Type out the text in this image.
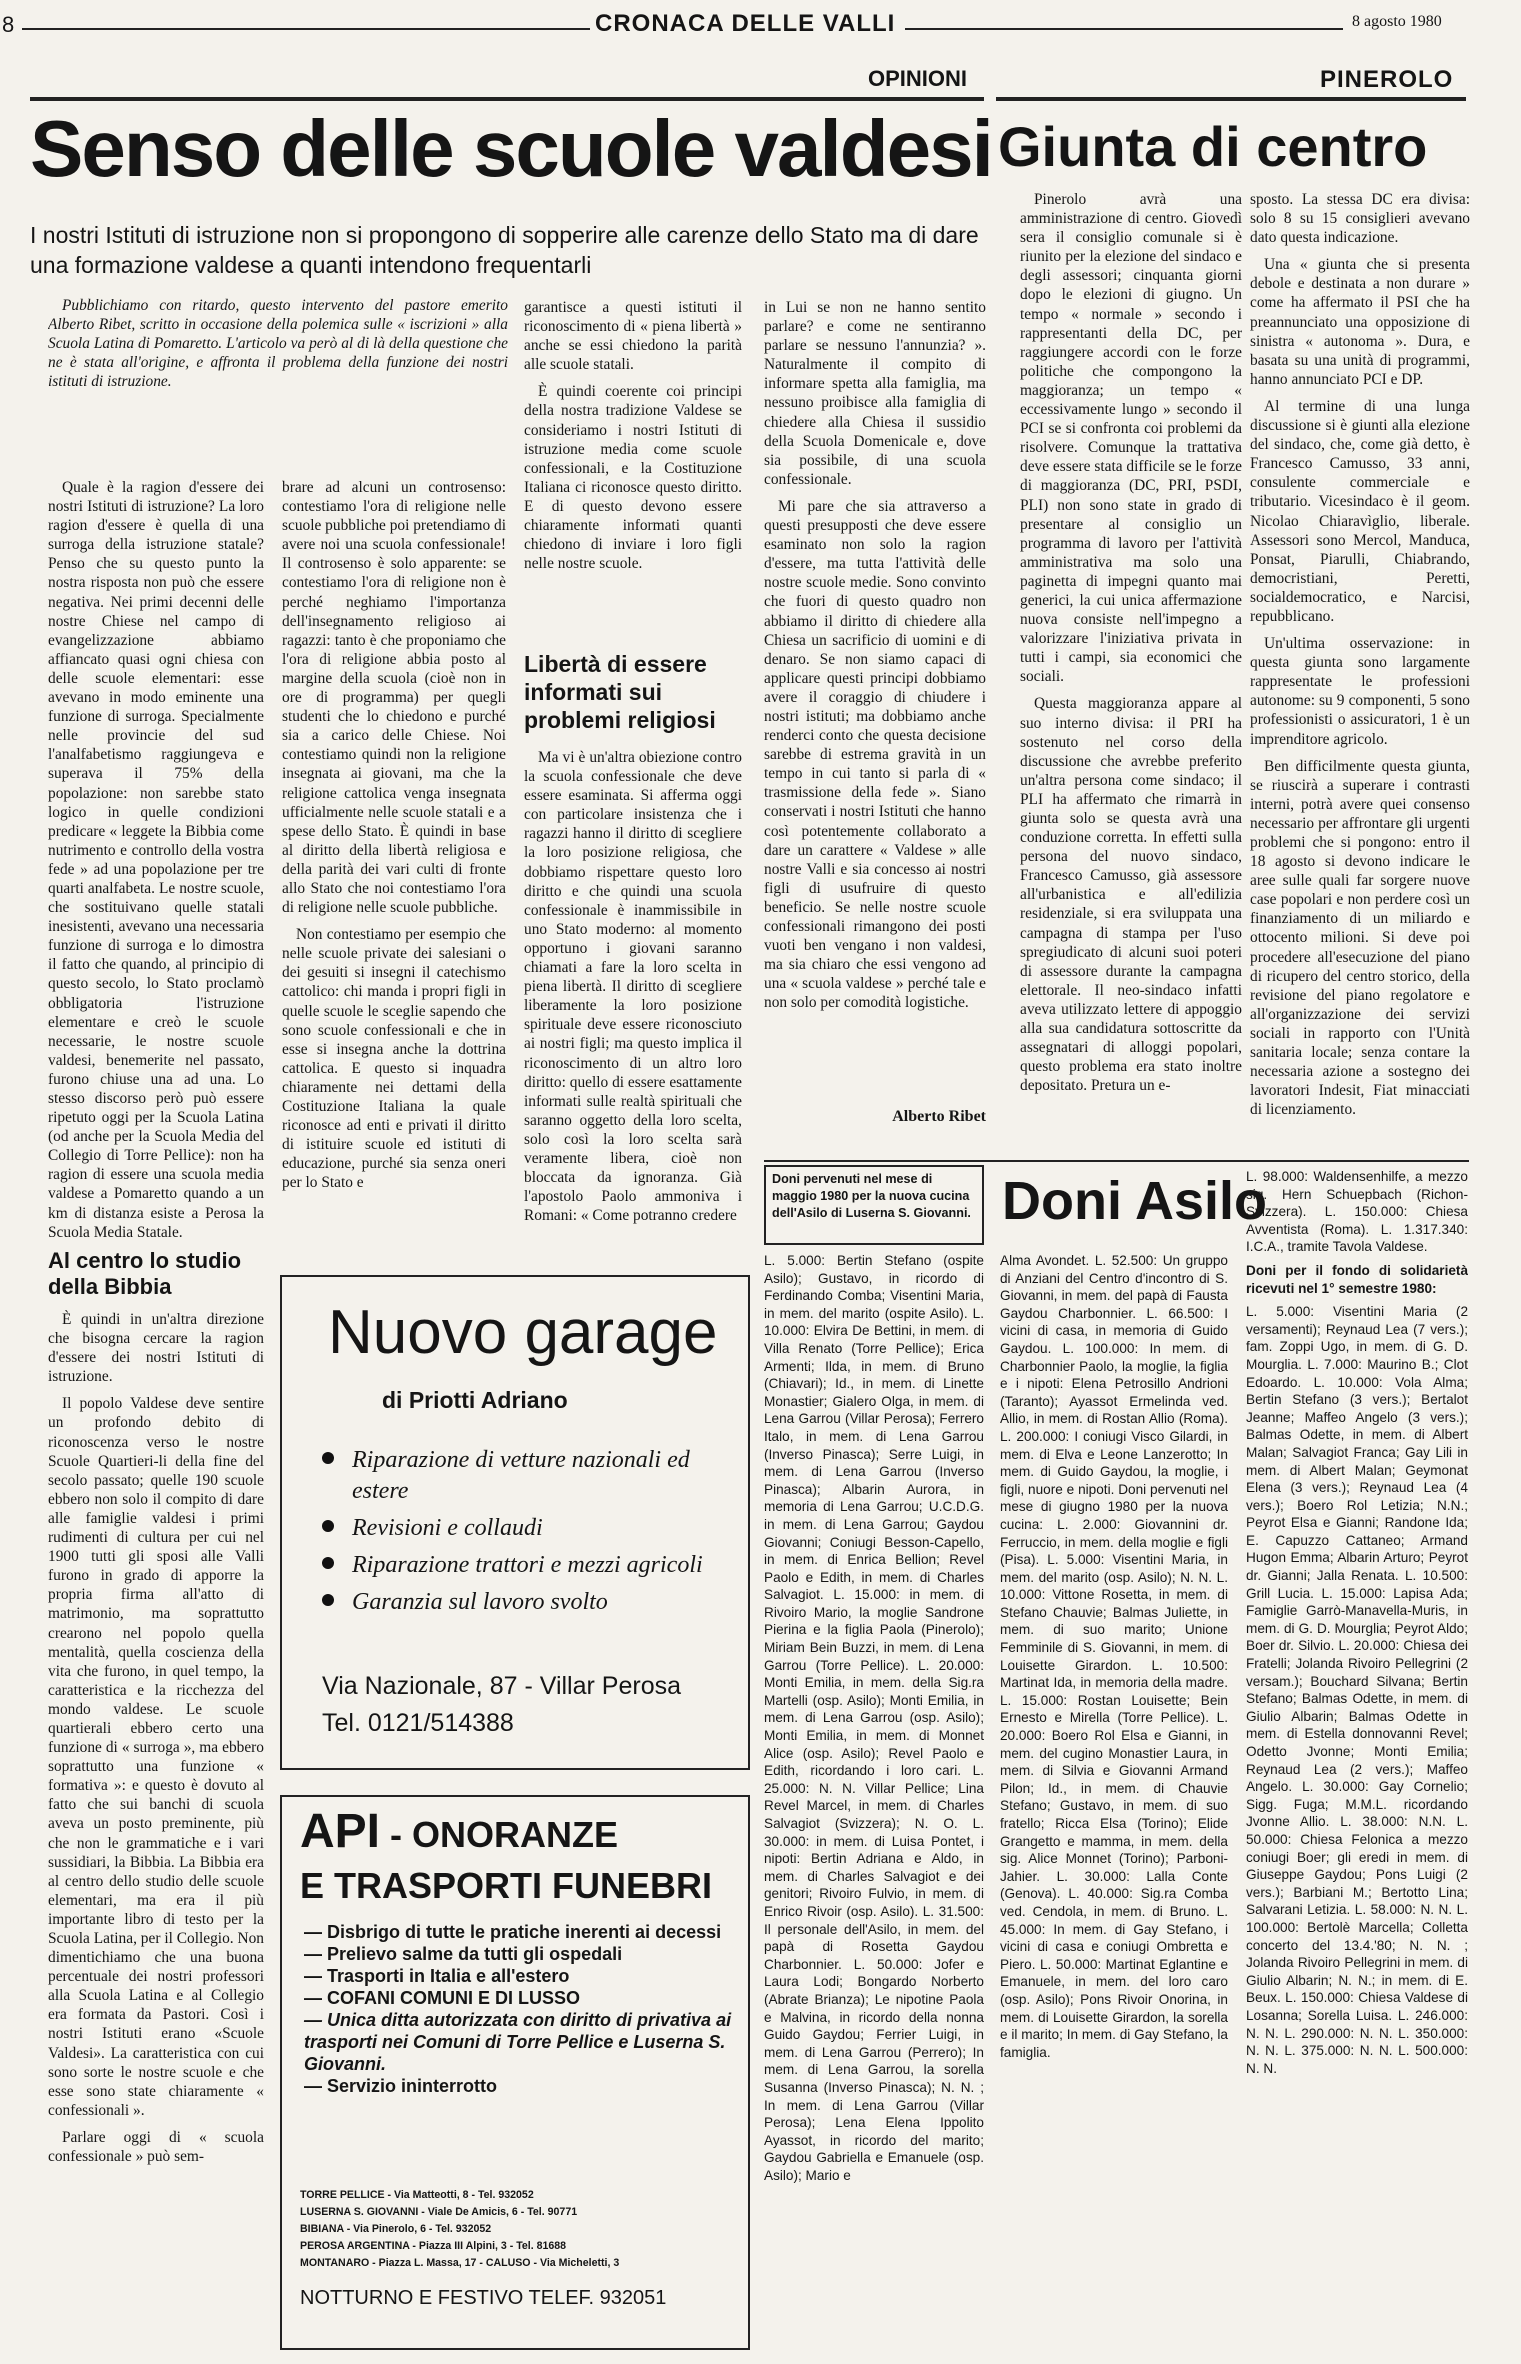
8	CRONACA DELLE VALLI	8 agosto 1980
OPINIONI	PINEROLO
Senso delle scuole valdesi
I nostri Istituti di istruzione non si propongono di sopperire alle carenze dello Stato ma di dare una formazione valdese a quanti intendono frequentarli
Giunta di centro
Pubblichiamo con ritardo, questo intervento del pastore emerito Alberto Ribet, scritto in occasione della polemica sulle « iscrizioni » alla Scuola Latina di Pomaretto. L'articolo va però al di là della questione che ne è stata all'origine, e affronta il problema della funzione dei nostri istituti di istruzione.

Quale è la ragion d'essere dei nostri Istituti di istruzione? La loro ragion d'essere è quella di una surroga della istruzione statale? Penso che su questo punto la nostra risposta non può che essere negativa. Nei primi decenni delle nostre Chiese nel campo di evangelizzazione abbiamo affiancato quasi ogni chiesa con delle scuole elementari: esse avevano in modo eminente una funzione di surroga. Specialmente nelle provincie del sud l'analfabetismo raggiungeva e superava il 75% della popolazione: non sarebbe stato logico in quelle condizioni predicare « leggete la Bibbia come nutrimento e controllo della vostra fede » ad una popolazione per tre quarti analfabeta. Le nostre scuole, che sostituivano quelle statali inesistenti, avevano una necessaria funzione di surroga e lo dimostra il fatto che quando, al principio di questo secolo, lo Stato proclamò obbligatoria l'istruzione elementare e creò le scuole necessarie, le nostre scuole valdesi, benemerite nel passato, furono chiuse una ad una. Lo stesso discorso però può essere ripetuto oggi per la Scuola Latina (od anche per la Scuola Media del Collegio di Torre Pellice): non ha ragion di essere una scuola media valdese a Pomaretto quando a un km di distanza esiste a Perosa la Scuola Media Statale.

Al centro lo studio della Bibbia

È quindi in un'altra direzione che bisogna cercare la ragion d'essere dei nostri Istituti di istruzione.

Il popolo Valdese deve sentire un profondo debito di riconoscenza verso le nostre Scuole Quartieri-li della fine del secolo passato; quelle 190 scuole ebbero non solo il compito di dare alle famiglie valdesi i primi rudimenti di cultura per cui nel 1900 tutti gli sposi alle Valli furono in grado di apporre la propria firma all'atto di matrimonio, ma soprattutto crearono nel popolo quella mentalità, quella coscienza della vita che furono, in quel tempo, la caratteristica e la ricchezza del mondo valdese. Le scuole quartierali ebbero certo una funzione di « surroga », ma ebbero soprattutto una funzione « formativa »: e questo è dovuto al fatto che sui banchi di scuola aveva un posto preminente, più che non le grammatiche e i vari sussidiari, la Bibbia. La Bibbia era al centro dello studio delle scuole elementari, ma era il più importante libro di testo per la Scuola Latina, per il Collegio. Non dimentichiamo che una buona percentuale dei nostri professori alla Scuola Latina e al Collegio era formata da Pastori. Così i nostri Istituti erano «Scuole Valdesi». La caratteristica con cui sono sorte le nostre scuole e che esse sono state chiaramente « confessionali ».

Parlare oggi di « scuola confessionale » può sem-

brare ad alcuni un controsenso: contestiamo l'ora di religione nelle scuole pubbliche poi pretendiamo di avere noi una scuola confessionale! Il controsenso è solo apparente: se contestiamo l'ora di religione non è perché neghiamo l'importanza dell'insegnamento religioso ai ragazzi: tanto è che proponiamo che l'ora di religione abbia posto al margine della scuola (cioè non in ore di programma) per quegli studenti che lo chiedono e purché sia a carico delle Chiese. Noi contestiamo quindi non la religione insegnata ai giovani, ma che la religione cattolica venga insegnata ufficialmente nelle scuole statali e a spese dello Stato. È quindi in base al diritto della libertà religiosa e della parità dei vari culti di fronte allo Stato che noi contestiamo l'ora di religione nelle scuole pubbliche.

Non contestiamo per esempio che nelle scuole private dei salesiani o dei gesuiti si insegni il catechismo cattolico: chi manda i propri figli in quelle scuole le sceglie sapendo che sono scuole confessionali e che in esse si insegna anche la dottrina cattolica. E questo si inquadra chiaramente nei dettami della Costituzione Italiana la quale riconosce ad enti e privati il diritto di istituire scuole ed istituti di educazione, purché sia senza oneri per lo Stato e

garantisce a questi istituti il riconoscimento di « piena libertà » anche se essi chiedono la parità alle scuole statali.

È quindi coerente coi principi della nostra tradizione Valdese se consideriamo i nostri Istituti di istruzione media come scuole confessionali, e la Costituzione Italiana ci riconosce questo diritto. E di questo devono essere chiaramente informati quanti chiedono di inviare i loro figli nelle nostre scuole.

Libertà di essere informati sui problemi religiosi

Ma vi è un'altra obiezione contro la scuola confessionale che deve essere esaminata. Si afferma oggi con particolare insistenza che i ragazzi hanno il diritto di scegliere la loro posizione religiosa, che dobbiamo rispettare questo loro diritto e che quindi una scuola confessionale è inammissibile in uno Stato moderno: al momento opportuno i giovani saranno chiamati a fare la loro scelta in piena libertà. Il diritto di scegliere liberamente la loro posizione spirituale deve essere riconosciuto ai nostri figli; ma questo implica il riconoscimento di un altro loro diritto: quello di essere esattamente informati sulle realtà spirituali che saranno oggetto della loro scelta, solo così la loro scelta sarà veramente libera, cioè non bloccata da ignoranza. Già l'apostolo Paolo ammoniva i Romani: « Come potranno credere

in Lui se non ne hanno sentito parlare? e come ne sentiranno parlare se nessuno l'annunzia? ». Naturalmente il compito di informare spetta alla famiglia, ma nessuno proibisce alla famiglia di chiedere alla Chiesa il sussidio della Scuola Domenicale e, dove sia possibile, di una scuola confessionale.

Mi pare che sia attraverso a questi presupposti che deve essere esaminato non solo la ragion d'essere, ma tutta l'attività delle nostre scuole medie. Sono convinto che fuori di questo quadro non abbiamo il diritto di chiedere alla Chiesa un sacrificio di uomini e di denaro. Se non siamo capaci di applicare questi principi dobbiamo avere il coraggio di chiudere i nostri istituti; ma dobbiamo anche renderci conto che questa decisione sarebbe di estrema gravità in un tempo in cui tanto si parla di « trasmissione della fede ». Siano conservati i nostri Istituti che hanno così potentemente collaborato a dare un carattere « Valdese » alle nostre Valli e sia concesso ai nostri figli di usufruire di questo beneficio. Se nelle nostre scuole confessionali rimangono dei posti vuoti ben vengano i non valdesi, ma sia chiaro che essi vengono ad una « scuola valdese » perché tale e non solo per comodità logistiche.

Alberto Ribet

Pinerolo avrà una amministrazione di centro. Giovedì sera il consiglio comunale si è riunito per la elezione del sindaco e degli assessori; cinquanta giorni dopo le elezioni di giugno. Un tempo « normale » secondo i rappresentanti della DC, per raggiungere accordi con le forze politiche che compongono la maggioranza; un tempo « eccessivamente lungo » secondo il PCI se si confronta coi problemi da risolvere. Comunque la trattativa deve essere stata difficile se le forze di maggioranza (DC, PRI, PSDI, PLI) non sono state in grado di presentare al consiglio un programma di lavoro per l'attività amministrativa ma solo una paginetta di impegni quanto mai generici, la cui unica affermazione nuova consiste nell'impegno a valorizzare l'iniziativa privata in tutti i campi, sia economici che sociali.

Questa maggioranza appare al suo interno divisa: il PRI ha sostenuto nel corso della discussione che avrebbe preferito un'altra persona come sindaco; il PLI ha affermato che rimarrà in giunta solo se questa avrà una conduzione corretta. In effetti sulla persona del nuovo sindaco, Francesco Camusso, già assessore all'urbanistica e all'edilizia residenziale, si era sviluppata una campagna di stampa per l'uso spregiudicato di alcuni suoi poteri di assessore durante la campagna elettorale. Il neo-sindaco infatti aveva utilizzato lettere di appoggio alla sua candidatura sottoscritte da assegnatari di alloggi popolari, questo problema era stato inoltre depositato. Pretura un e-

sposto. La stessa DC era divisa: solo 8 su 15 consiglieri avevano dato questa indicazione.

Una « giunta che si presenta debole e destinata a non durare » come ha affermato il PSI che ha preannunciato una opposizione di sinistra « autonoma ». Dura, e basata su una unità di programmi, hanno annunciato PCI e DP.

Al termine di una lunga discussione si è giunti alla elezione del sindaco, che, come già detto, è Francesco Camusso, 33 anni, consulente commerciale e tributario. Vicesindaco è il geom. Nicolao Chiaravìglio, liberale. Assessori sono Mercol, Manduca, Ponsat, Piarulli, Chiabrando, democristiani, Peretti, socialdemocratico, e Narcisi, repubblicano.

Un'ultima osservazione: in questa giunta sono largamente rappresentate le professioni autonome: su 9 componenti, 5 sono professionisti o assicuratori, 1 è un imprenditore agricolo.

Ben difficilmente questa giunta, se riuscirà a superare i contrasti interni, potrà avere quei consenso necessario per affrontare gli urgenti problemi che si pongono: entro il 18 agosto si devono indicare le aree sulle quali far sorgere nuove case popolari e non perdere così un finanziamento di un miliardo e ottocento milioni. Si deve poi procedere all'esecuzione del piano di ricupero del centro storico, della revisione del piano regolatore e all'organizzazione dei servizi sociali in rapporto con l'Unità sanitaria locale; senza contare la necessaria azione a sostegno dei lavoratori Indesit, Fiat minacciati di licenziamento.

Nuovo garage
di Priotti Adriano
Riparazione di vetture nazionali ed estere
Revisioni e collaudi
Riparazione trattori e mezzi agricoli
Garanzia sul lavoro svolto
Via Nazionale, 87 - Villar Perosa
Tel. 0121/514388
API - ONORANZE
E TRASPORTI FUNEBRI
— Disbrigo di tutte le pratiche inerenti ai decessi
— Prelievo salme da tutti gli ospedali
— Trasporti in Italia e all'estero
— COFANI COMUNI E DI LUSSO
— Unica ditta autorizzata con diritto di privativa ai trasporti nei Comuni di Torre Pellice e Luserna S. Giovanni.
— Servizio ininterrotto
TORRE PELLICE - Via Matteotti, 8 - Tel. 932052
LUSERNA S. GIOVANNI - Viale De Amicis, 6 - Tel. 90771
BIBIANA - Via Pinerolo, 6 - Tel. 932052
PEROSA ARGENTINA - Piazza III Alpini, 3 - Tel. 81688
MONTANARO - Piazza L. Massa, 17 - CALUSO - Via Micheletti, 3
NOTTURNO E FESTIVO TELEF. 932051
Doni pervenuti nel mese di maggio 1980 per la nuova cucina dell'Asilo di Luserna S. Giovanni. Doni Asilo

L. 5.000: Bertin Stefano (ospite Asilo); Gustavo, in ricordo di Ferdinando Comba; Visentini Maria, in mem. del marito (ospite Asilo). L. 10.000: Elvira De Bettini, in mem. di Villa Renato (Torre Pellice); Erica Armenti; Ilda, in mem. di Bruno (Chiavari); Id., in mem. di Linette Monastier; Gialero Olga, in mem. di Lena Garrou (Villar Perosa); Ferrero Italo, in mem. di Lena Garrou (Inverso Pinasca); Serre Luigi, in mem. di Lena Garrou (Inverso Pinasca); Albarin Aurora, in memoria di Lena Garrou; U.C.D.G. in mem. di Lena Garrou; Gaydou Giovanni; Coniugi Besson-Capello, in mem. di Enrica Bellion; Revel Paolo e Edith, in mem. di Charles Salvagiot. L. 15.000: in mem. di Rivoiro Mario, la moglie Sandrone Pierina e la figlia Paola (Pinerolo); Miriam Bein Buzzi, in mem. di Lena Garrou (Torre Pellice). L. 20.000: Monti Emilia, in mem. della Sig.ra Martelli (osp. Asilo); Monti Emilia, in mem. di Lena Garrou (osp. Asilo); Monti Emilia, in mem. di Monnet Alice (osp. Asilo); Revel Paolo e Edith, ricordando i loro cari. L. 25.000: N. N. Villar Pellice; Lina Revel Marcel, in mem. di Charles Salvagiot (Svizzera); N. O. L. 30.000: in mem. di Luisa Pontet, i nipoti: Bertin Adriana e Aldo, in mem. di Charles Salvagiot e dei genitori; Rivoiro Fulvio, in mem. di Enrico Rivoir (osp. Asilo). L. 31.500: Il personale dell'Asilo, in mem. del papà di Rosetta Gaydou Charbonnier. L. 50.000: Jofer e Laura Lodi; Bongardo Norberto (Abrate Brianza); Le nipotine Paola e Malvina, in ricordo della nonna Guido Gaydou; Ferrier Luigi, in mem. di Lena Garrou (Perrero); In mem. di Lena Garrou, la sorella Susanna (Inverso Pinasca); N. N. ; In mem. di Lena Garrou (Villar Perosa); Lena Elena Ippolito Ayassot, in ricordo del marito; Gaydou Gabriella e Emanuele (osp. Asilo); Mario e

Alma Avondet. L. 52.500: Un gruppo di Anziani del Centro d'incontro di S. Giovanni, in mem. del papà di Fausta Gaydou Charbonnier. L. 66.500: I vicini di casa, in memoria di Guido Gaydou. L. 100.000: In mem. di Charbonnier Paolo, la moglie, la figlia e i nipoti: Elena Petrosillo Andrioni (Taranto); Ayassot Ermelinda ved. Allio, in mem. di Rostan Allio (Roma). L. 200.000: I coniugi Visco Gilardi, in mem. di Elva e Leone Lanzerotto; In mem. di Guido Gaydou, la moglie, i figli, nuore e nipoti. Doni pervenuti nel mese di giugno 1980 per la nuova cucina: L. 2.000: Giovannini dr. Ferruccio, in mem. della moglie e figli (Pisa). L. 5.000: Visentini Maria, in mem. del marito (osp. Asilo); N. N. L. 10.000: Vittone Rosetta, in mem. di Stefano Chauvie; Balmas Juliette, in mem. di suo marito; Unione Femminile di S. Giovanni, in mem. di Louisette Girardon. L. 10.500: Martinat Ida, in memoria della madre. L. 15.000: Rostan Louisette; Bein Ernesto e Mirella (Torre Pellice). L. 20.000: Boero Rol Elsa e Gianni, in mem. del cugino Monastier Laura, in mem. di Silvia e Giovanni Armand Pilon; Id., in mem. di Chauvie Stefano; Gustavo, in mem. di suo fratello; Ricca Elsa (Torino); Elide Grangetto e mamma, in mem. della sig. Alice Monnet (Torino); Parboni-Jahier. L. 30.000: Lalla Conte (Genova). L. 40.000: Sig.ra Comba ved. Cendola, in mem. di Bruno. L. 45.000: In mem. di Gay Stefano, i vicini di casa e coniugi Ombretta e Piero. L. 50.000: Martinat Eglantine e Emanuele, in mem. del loro caro (osp. Asilo); Pons Rivoir Onorina, in mem. di Louisette Girardon, la sorella e il marito; In mem. di Gay Stefano, la famiglia.

L. 98.000: Waldensenhilfe, a mezzo sig. Hern Schuepbach (Richon-Svizzera). L. 150.000: Chiesa Avventista (Roma). L. 1.317.340: I.C.A., tramite Tavola Valdese.

Doni per il fondo di solidarietà ricevuti nel 1° semestre 1980:

L. 5.000: Visentini Maria (2 versamenti); Reynaud Lea (7 vers.); fam. Zoppi Ugo, in mem. di G. D. Mourglia. L. 7.000: Maurino B.; Clot Edoardo. L. 10.000: Vola Alma; Bertin Stefano (3 vers.); Bertalot Jeanne; Maffeo Angelo (3 vers.); Balmas Odette, in mem. di Albert Malan; Salvagiot Franca; Gay Lili in mem. di Albert Malan; Geymonat Elena (3 vers.); Reynaud Lea (4 vers.); Boero Rol Letizia; N.N.; Peyrot Elsa e Gianni; Randone Ida; E. Capuzzo Cattaneo; Armand Hugon Emma; Albarin Arturo; Peyrot dr. Gianni; Jalla Renata. L. 10.500: Grill Lucia. L. 15.000: Lapisa Ada; Famiglie Garrò-Manavella-Muris, in mem. di G. D. Mourglia; Peyrot Aldo; Boer dr. Silvio. L. 20.000: Chiesa dei Fratelli; Jolanda Rivoiro Pellegrini (2 versam.); Bouchard Silvana; Bertin Stefano; Balmas Odette, in mem. di Giulio Albarin; Balmas Odette in mem. di Estella donnovanni Revel; Odetto Jvonne; Monti Emilia; Reynaud Lea (2 vers.); Maffeo Angelo. L. 30.000: Gay Cornelio; Sigg. Fuga; M.M.L. ricordando Jvonne Allio. L. 38.000: N.N. L. 50.000: Chiesa Felonica a mezzo coniugi Boer; gli eredi in mem. di Giuseppe Gaydou; Pons Luigi (2 vers.); Barbiani M.; Bertotto Lina; Salvarani Letizia. L. 58.000: N. N. L. 100.000: Bertolè Marcella; Colletta concerto del 13.4.'80; N. N. ; Jolanda Rivoiro Pellegrini in mem. di Giulio Albarin; N. N.; in mem. di E. Beux. L. 150.000: Chiesa Valdese di Losanna; Sorella Luisa. L. 246.000: N. N. L. 290.000: N. N. L. 350.000: N. N. L. 375.000: N. N. L. 500.000: N. N.
